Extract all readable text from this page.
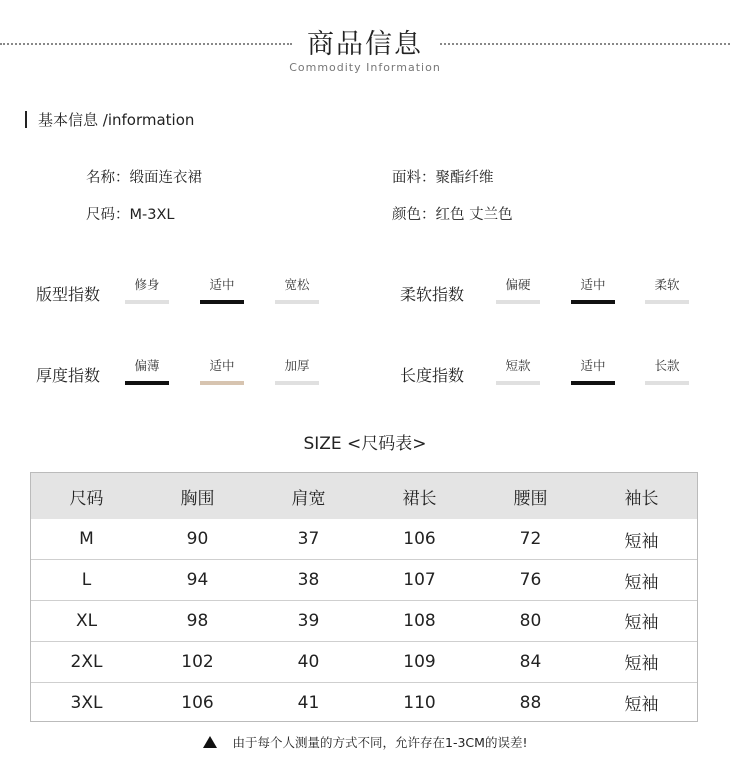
商品信息
Commodity Information
基本信息 /information
名称：缎面连衣裙	面料：聚酯纤维
尺码：M-3XL	颜色：红色 丈兰色
版型指数
修身	适中	宽松
柔软指数
偏硬	适中	柔软
厚度指数
偏薄	适中	加厚
长度指数
短款	适中	长款
SIZE <尺码表>
尺码	胸围	肩宽	裙长	腰围	袖长
M	90	37	106	72	短袖
L	94	38	107	76	短袖
XL	98	39	108	80	短袖
2XL	102	40	109	84	短袖
3XL	106	41	110	88	短袖
由于每个人测量的方式不同，允许存在1-3CM的误差!
